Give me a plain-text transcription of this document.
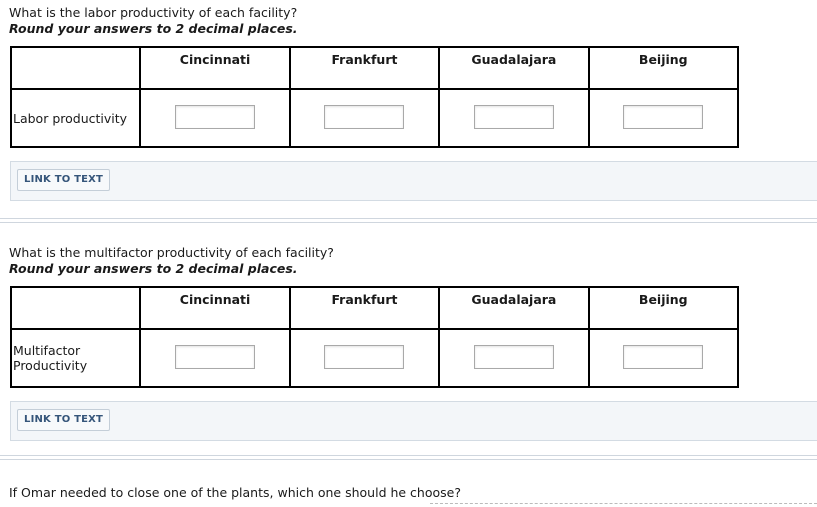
What is the labor productivity of each facility?
Round your answers to 2 decimal places.
	Cincinnati	Frankfurt	Guadalajara	Beijing
Labor productivity				
LINK TO TEXT
What is the multifactor productivity of each facility?
Round your answers to 2 decimal places.
	Cincinnati	Frankfurt	Guadalajara	Beijing
Multifactor Productivity				
LINK TO TEXT
If Omar needed to close one of the plants, which one should he choose?
